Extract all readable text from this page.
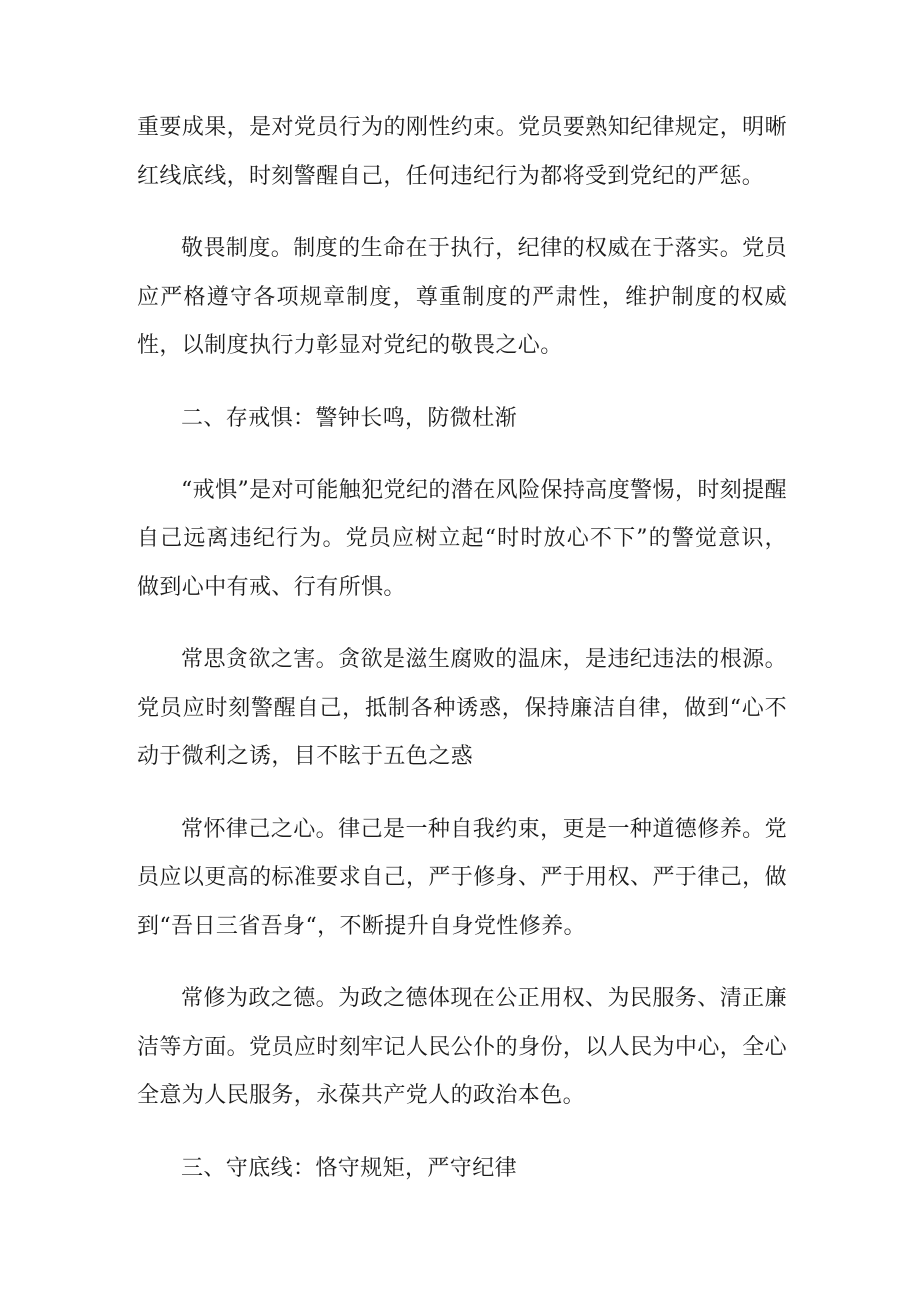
重要成果，是对党员行为的刚性约束。党员要熟知纪律规定，明晰红线底线，时刻警醒自己，任何违纪行为都将受到党纪的严惩。

敬畏制度。制度的生命在于执行，纪律的权威在于落实。党员应严格遵守各项规章制度，尊重制度的严肃性，维护制度的权威性，以制度执行力彰显对党纪的敬畏之心。

二、存戒惧：警钟长鸣，防微杜渐

“戒惧”是对可能触犯党纪的潜在风险保持高度警惕，时刻提醒自己远离违纪行为。党员应树立起“时时放心不下”的警觉意识，做到心中有戒、行有所惧。

常思贪欲之害。贪欲是滋生腐败的温床，是违纪违法的根源。党员应时刻警醒自己，抵制各种诱惑，保持廉洁自律，做到“心不动于微利之诱，目不眩于五色之惑

常怀律己之心。律己是一种自我约束，更是一种道德修养。党员应以更高的标准要求自己，严于修身、严于用权、严于律己，做到“吾日三省吾身“，不断提升自身党性修养。

常修为政之德。为政之德体现在公正用权、为民服务、清正廉洁等方面。党员应时刻牢记人民公仆的身份，以人民为中心，全心全意为人民服务，永葆共产党人的政治本色。

三、守底线：恪守规矩，严守纪律
